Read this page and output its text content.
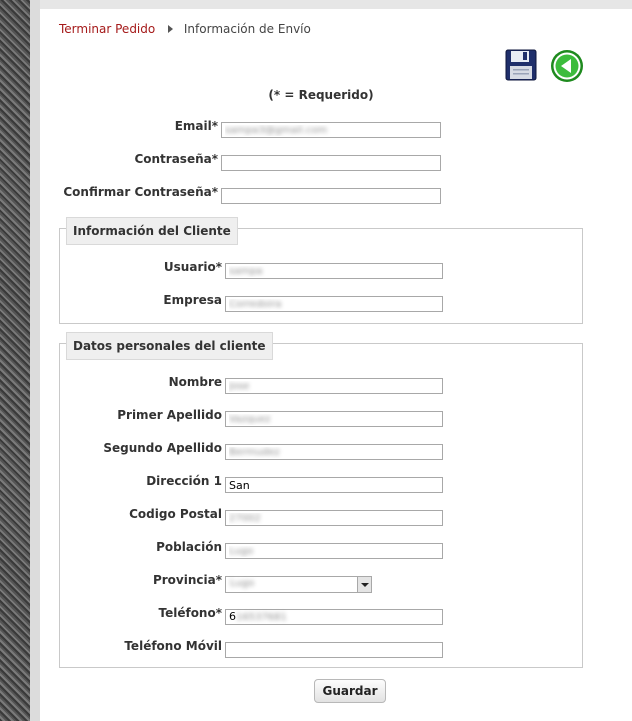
Terminar Pedido Información de Envío
(* = Requerido)
Email*
sampa3@gmail.com
Contraseña*
Confirmar Contraseña*
Información del Cliente
Usuario*
sampa
Empresa
Corredoira
Datos personales del cliente
Nombre
Jose
Primer Apellido
Vazquez
Segundo Apellido
Bermudez
Dirección 1
San
Codigo Postal
27002
Población
Lugo
Provincia* Lugo
Teléfono* 616537681
Teléfono Móvil
Guardar
